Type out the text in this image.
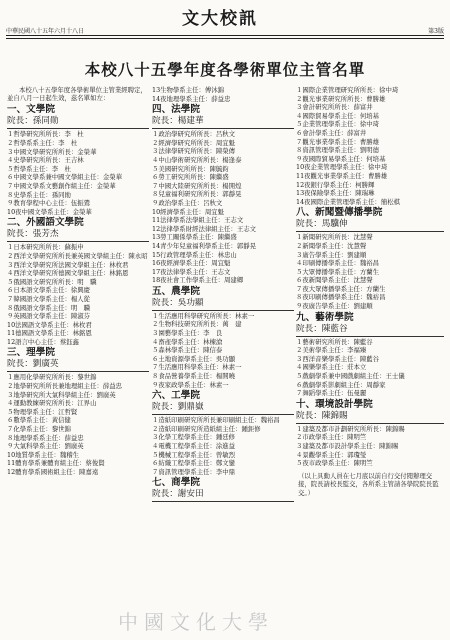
中華民國八十五年六月十八日	第3版
文大校訊
本校八十五學年度各學術單位主管名單
本校八十五學年度各學術單位主管業經聘定，並自八月一日起生效，茲名單如左：
一、文學院
院長：孫同勛
１哲學研究所所長：李　杜
２哲學系系主任：李　杜
３中國文學研究所所長：金榮華
４史學研究所所長：王吉林
５哲學系主任：李　杜
６中國文學系兼中國文學組主任：金榮華
７中國文學系文藝創作組主任：金榮華
８史學系主任：孫同勛
９教育學程中心主任：伍振鷟
10夜中國文學系主任：金榮華
二、外國語文學院
院長：張芳杰
１日本研究所所長：蘇振申
２西洋文學研究所所長兼英國文學組主任：陳永昭
３西洋文學研究所法國文學組主任：林枚君
４西洋文學研究所德國文學組主任：林銘恩
５俄國語文研究所所長：明　驥
６日本語文學系主任：徐興慶
７韓國語文學系主任：楊人從
８俄國語文學系主任：明　驥
９英國語文學系主任：陳淑芬
10法國語文學系主任：林枚君
11德國語文學系主任：林銘恩
12語言中心主任：蔡鈺鑫
三、理學院
院長：劉廣英
１應用化學研究所所長：黎世錦
２地學研究所所長兼地理組主任：薛益忠
３地學研究所大氣科學組主任：劉廣英
４運動教練研究所所長：江界山
５物理學系主任：江哲賢
６數學系主任：黃信健
７化學系主任：黎世錦
８地理學系系主任：薛益忠
９大氣科學系主任：劉廣英
10地質學系主任：魏稽生
11體育學系兼體育組主任：蔡俊賢
12體育學系國術組主任：陳嘉遠
13生物學系主任：傅沐錦
14夜地理學系主任：薛益忠
四、法學院
院長：楊建華
１政治學研究所所長：呂秋文
２經濟學研究所所長：周宜魁
３法律學研究所所長：陳榮傳
４中山學術研究所所長：楊逢泰
５美國研究所所長：陳毓鈞
６勞工研究所所長：陳繼盛
７中國大陸研究所所長：楊開煌
８兒童福利研究所所長：郭靜晃
９政治學系主任：呂秋文
10經濟學系主任：周宜魁
11法律學系法學組主任：王志文
12法律學系財經法律組主任：王志文
13勞工關係學系主任：陳繼盛
14青少年兒童福利學系主任：郭靜晃
15行政管理學系主任：林忠山
16夜經濟學系主任：周宜魁
17夜法律學系主任：王志文
18夜社會工作學系主任：周建卿
五、農學院
院長：吳功顯
１生活應用科學研究所所長：林素一
２生物科技研究所所長：萬　建
３園藝學系主任：李　良
４畜產學系主任：林楝滄
５森林學系主任：陳信泰
６土地資源學系主任：吳功顯
７生活應用科學系主任：林素一
８食品營養學系主任：楊開曉
９夜家政學系主任：林素一
六、工學院
院長：劉鼎嶽
１造紙印刷研究所所長兼印刷組主任：魏裕昌
２造紙印刷研究所造紙組主任：鍾鉅修
３化學工程學系主任：鍾廷修
４電機工程學系主任：涂進益
５機械工程學系主任：曾敏烈
６紡織工程學系主任：鄭文鑾
７資訊管理學系主任：李中鼎
七、商學院
院長：謝安田
１國際企業管理研究所所長：徐中琦
２觀光事業研究所所長：曹勝雄
３會計研究所所長：薛富井
４國際貿易學系主任：何培基
５企業管理學系主任：徐中琦
６會計學系主任：薛富井
７觀光事業學系主任：曹勝雄
８資訊管理學系主任：劉明德
９夜國際貿易學系主任：何培基
10夜企業管理學系主任：徐中琦
11夜觀光事業學系主任：曹勝雄
12夜銀行學系主任：柯勝輝
13夜保險學系主任：陳瑞琳
14夜國際企業管理學系主任：簡松棋
八、新聞暨傳播學院
院長：馬驥伸
１新聞研究所所長：沈慧聲
２新聞學系主任：沈慧聲
３廣告學系主任：劉建順
４印刷傳播學系主任：魏裕昌
５大眾傳播學系主任：方蘭生
６夜新聞學系主任：沈慧聲
７夜大眾傳播學系主任：方蘭生
８夜印刷傳播學系主任：魏裕昌
９夜廣告學系主任：劉建順
九、藝術學院
院長：陳藍谷
１藝術研究所所長：陳藍谷
２美術學系主任：李福臻
３西洋音樂學系主任：陳藍谷
４國樂學系主任：莊本立
５戲劇學系兼中國戲劇組主任：王士儀
６戲劇學系影劇組主任：周靜家
７舞蹈學系主任：伍曼麗
十、環境設計學院
院長：陳錦賜
１建築及都市計劃研究所所長：陳錦賜
２市政學系主任：陳明竺
３建築及都市設計學系主任：陳錦賜
４景觀學系主任：郭瓊瑩
５夜市政學系主任：陳明竺
（以上具動人員在七月底以前自行交付閱辦理交接，院長請校長監交，各所系主管請各學院院長監交。）
中國文化大學
